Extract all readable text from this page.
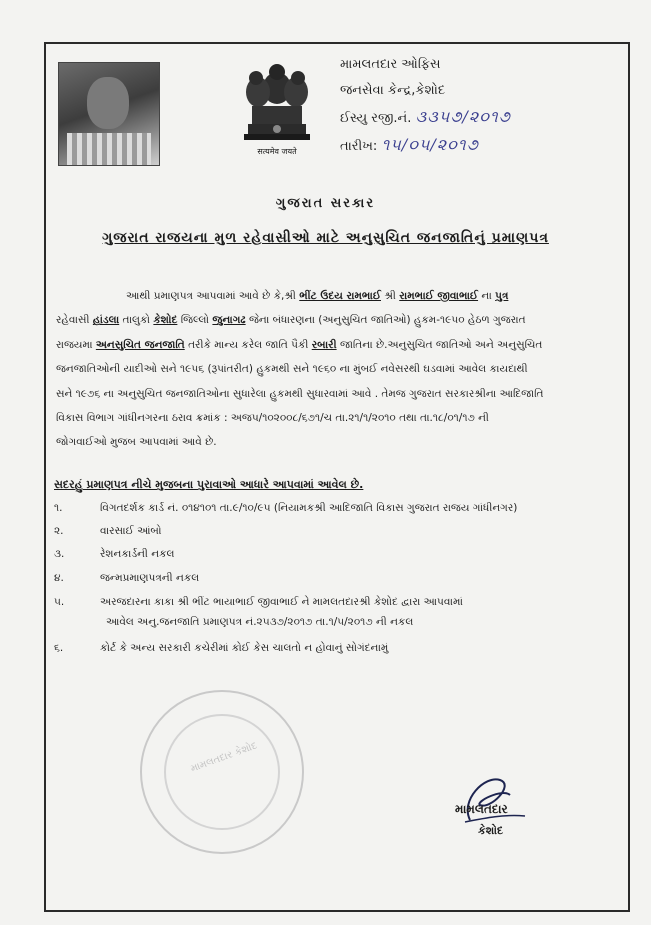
सत्यमेव जयते
મામલતદાર ઓફિસ
જનસેવા કેન્દ્ર,કેશોદ
ઈસ્યુ રજી.નં. ૩૩૫૭/૨૦૧૭
તારીખ: ૧૫/૦૫/૨૦૧૭
ગુજરાત સરકાર
ગુજરાત રાજયના મુળ રહેવાસીઓ માટે અનુસુચિત જનજાતિનું પ્રમાણપત્ર
આથી પ્રમાણપત્ર આપવામાં આવે છે કે,શ્રી ભીંટ ઉદય રામભાઈ શ્રી રામભાઈ જીવાભાઈ ના પુત્ર
રહેવાસી હાંડલા તાલુકો કેશોદ જિલ્લો જુનાગઢ જેના બંધારણના (અનુસુચિત જાતિઓ) હુકમ-૧૯૫૦ હેઠળ ગુજરાત
રાજયમા અનસુચિત જનજાતિ તરીકે માન્ય કરેલ જાતિ પૈકી રબારી જાતિના છે.અનુસુચિત જાતિઓ અને અનુસુચિત
જનજાતિઓની યાદીઓ સને ૧૯૫૬ (રૂપાંતરીત) હુકમથી સને ૧૯૬૦ ના મુંબઈ નવેસરથી ઘડવામાં આવેલ કાયદાથી
સને ૧૯૭૬ ના અનુસુચિત જનજાતિઓના સુધારેલા હુકમથી સુધારવામાં આવે . તેમજ ગુજરાત સરકારશ્રીના આદિજાતિ
વિકાસ વિભાગ ગાંધીનગરના ઠરાવ ક્રમાંક : અજપ/૧૦૨૦૦૮/૬૭૧/ચ તા.૨૧/૧/૨૦૧૦ તથા તા.૧૮/૦૧/૧૭ ની
જોગવાઈઓ મુજબ આપવામાં આવે છે.
સદરહું પ્રમાણપત્ર નીચે મુજબના પુરાવાઓ આધારે આપવામાં આવેલ છે.
૧.	વિગતદર્શક કાર્ડ નં. ૦૧૪૧૦૧ તા.૯/૧૦/૯૫ (નિયામકશ્રી આદિજાતિ વિકાસ ગુજરાત રાજય ગાંધીનગર)
૨.	વારસાઈ આંબો
૩.	રેશનકાર્ડની નકલ
૪.	જન્મપ્રમાણપત્રની નકલ
૫.	અરજદારના કાકા શ્રી ભીંટ ભાયાભાઈ જીવાભાઈ ને મામલતદારશ્રી કેશોદ દ્વારા આપવામાં
આવેલ અનુ.જનજાતિ પ્રમાણપત્ર નં.૨૫૩૭/૨૦૧૭ તા.૧/૫/૨૦૧૭ ની નકલ
૬.	કોર્ટ કે અન્ય સરકારી કચેરીમાં કોઈ કેસ ચાલતો ન હોવાનું સોગંદનામું
મામલતદાર કેશોદ
મામલતદાર
કેશોદ
